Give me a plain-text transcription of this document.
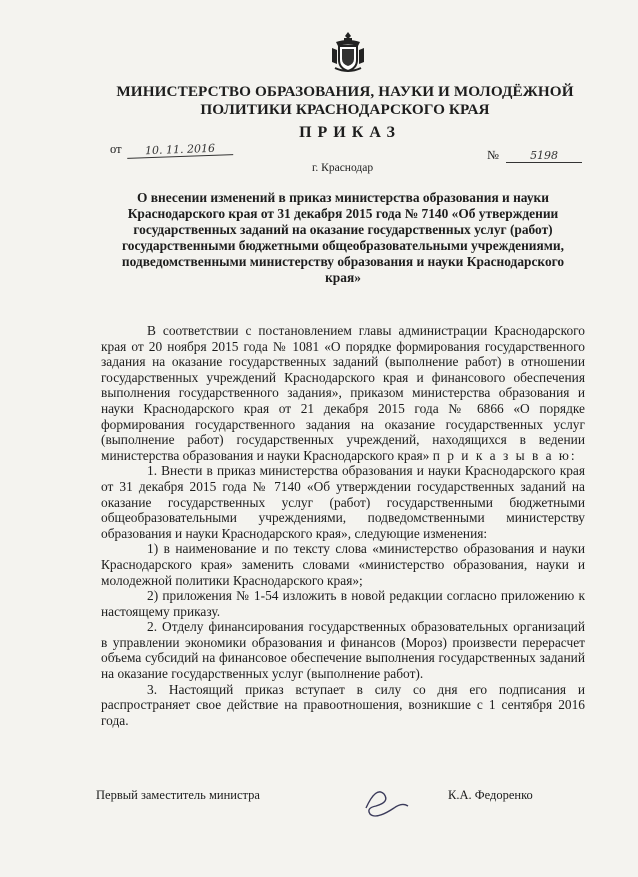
МИНИСТЕРСТВО ОБРАЗОВАНИЯ, НАУКИ И МОЛОДЁЖНОЙ ПОЛИТИКИ КРАСНОДАРСКОГО КРАЯ
ПРИКАЗ
от 10. 11. 2016	№	5198
г. Краснодар
О внесении изменений в приказ министерства образования и науки Краснодарского края от 31 декабря 2015 года № 7140 «Об утверждении государственных заданий на оказание государственных услуг (работ) государственными бюджетными общеобразовательными учреждениями, подведомственными министерству образования и науки Краснодарского края»

В соответствии с постановлением главы администрации Краснодарского края от 20 ноября 2015 года № 1081 «О порядке формирования государственного задания на оказание государственных заданий (выполнение работ) в отношении государственных учреждений Краснодарского края и финансового обеспечения выполнения государственного задания», приказом министерства образования и науки Краснодарского края от 21 декабря 2015 года № 6866 «О порядке формирования государственного задания на оказание государственных услуг (выполнение работ) государственных учреждений, находящихся в ведении министерства образования и науки Краснодарского края» п р и к а з ы в а ю:

1. Внести в приказ министерства образования и науки Краснодарского края от 31 декабря 2015 года № 7140 «Об утверждении государственных заданий на оказание государственных услуг (работ) государственными бюджетными общеобразовательными учреждениями, подведомственными министерству образования и науки Краснодарского края», следующие изменения:

1) в наименование и по тексту слова «министерство образования и науки Краснодарского края» заменить словами «министерство образования, науки и молодежной политики Краснодарского края»;

2) приложения № 1-54 изложить в новой редакции согласно приложению к настоящему приказу.

2. Отделу финансирования государственных образовательных организаций в управлении экономики образования и финансов (Мороз) произвести перерасчет объема субсидий на финансовое обеспечение выполнения государственных заданий на оказание государственных услуг (выполнение работ).

3. Настоящий приказ вступает в силу со дня его подписания и распространяет свое действие на правоотношения, возникшие с 1 сентября 2016 года.

Первый заместитель министра	К.А. Федоренко
